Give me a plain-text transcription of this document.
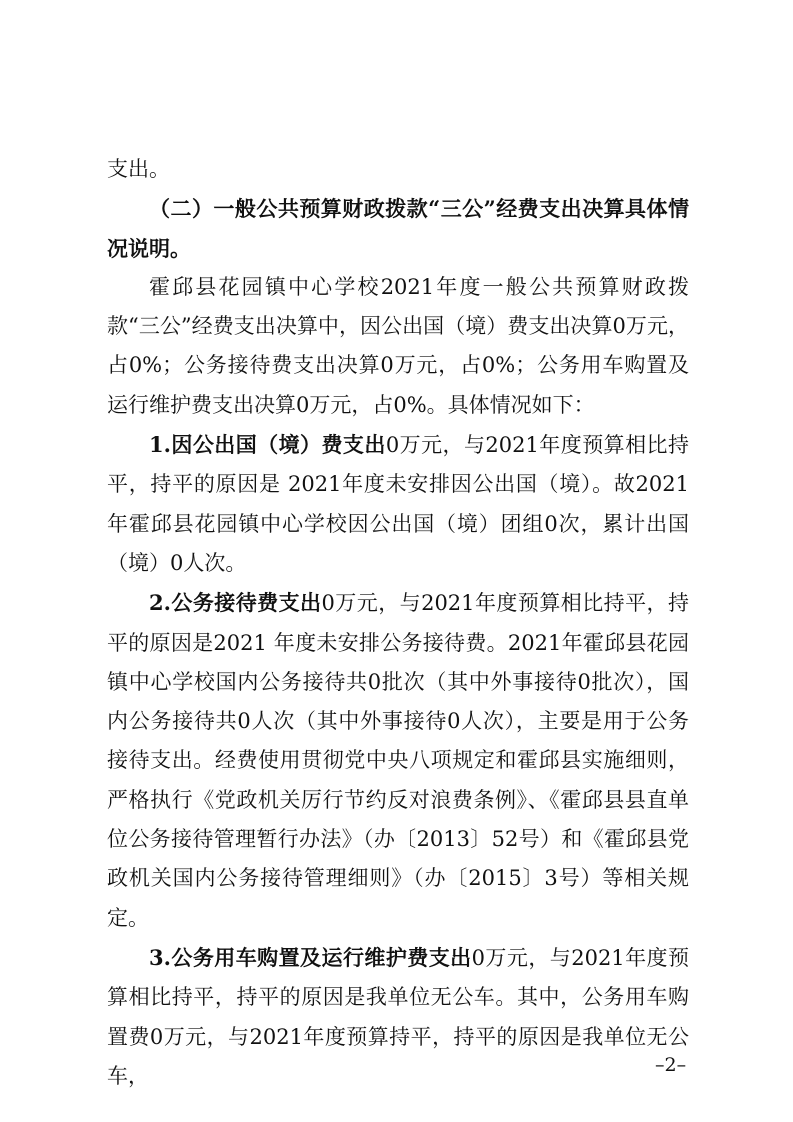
支出。

（二）一般公共预算财政拨款“三公”经费支出决算具体情况说明。

霍邱县花园镇中心学校2021年度一般公共预算财政拨款“三公”经费支出决算中，因公出国（境）费支出决算0万元，占0%；公务接待费支出决算0万元，占0%；公务用车购置及运行维护费支出决算0万元，占0%。具体情况如下：

1.因公出国（境）费支出0万元，与2021年度预算相比持平，持平的原因是 2021年度未安排因公出国（境）。故2021年霍邱县花园镇中心学校因公出国（境）团组0次，累计出国（境）0人次。

2.公务接待费支出0万元，与2021年度预算相比持平，持平的原因是2021 年度未安排公务接待费。2021年霍邱县花园镇中心学校国内公务接待共0批次（其中外事接待0批次），国内公务接待共0人次（其中外事接待0人次），主要是用于公务接待支出。经费使用贯彻党中央八项规定和霍邱县实施细则，严格执行《党政机关厉行节约反对浪费条例》、《霍邱县县直单位公务接待管理暂行办法》（办〔2013〕52号）和《霍邱县党政机关国内公务接待管理细则》（办〔2015〕3号）等相关规定。

3.公务用车购置及运行维护费支出0万元，与2021年度预算相比持平，持平的原因是我单位无公车。其中，公务用车购置费0万元，与2021年度预算持平，持平的原因是我单位无公车，	–2–
